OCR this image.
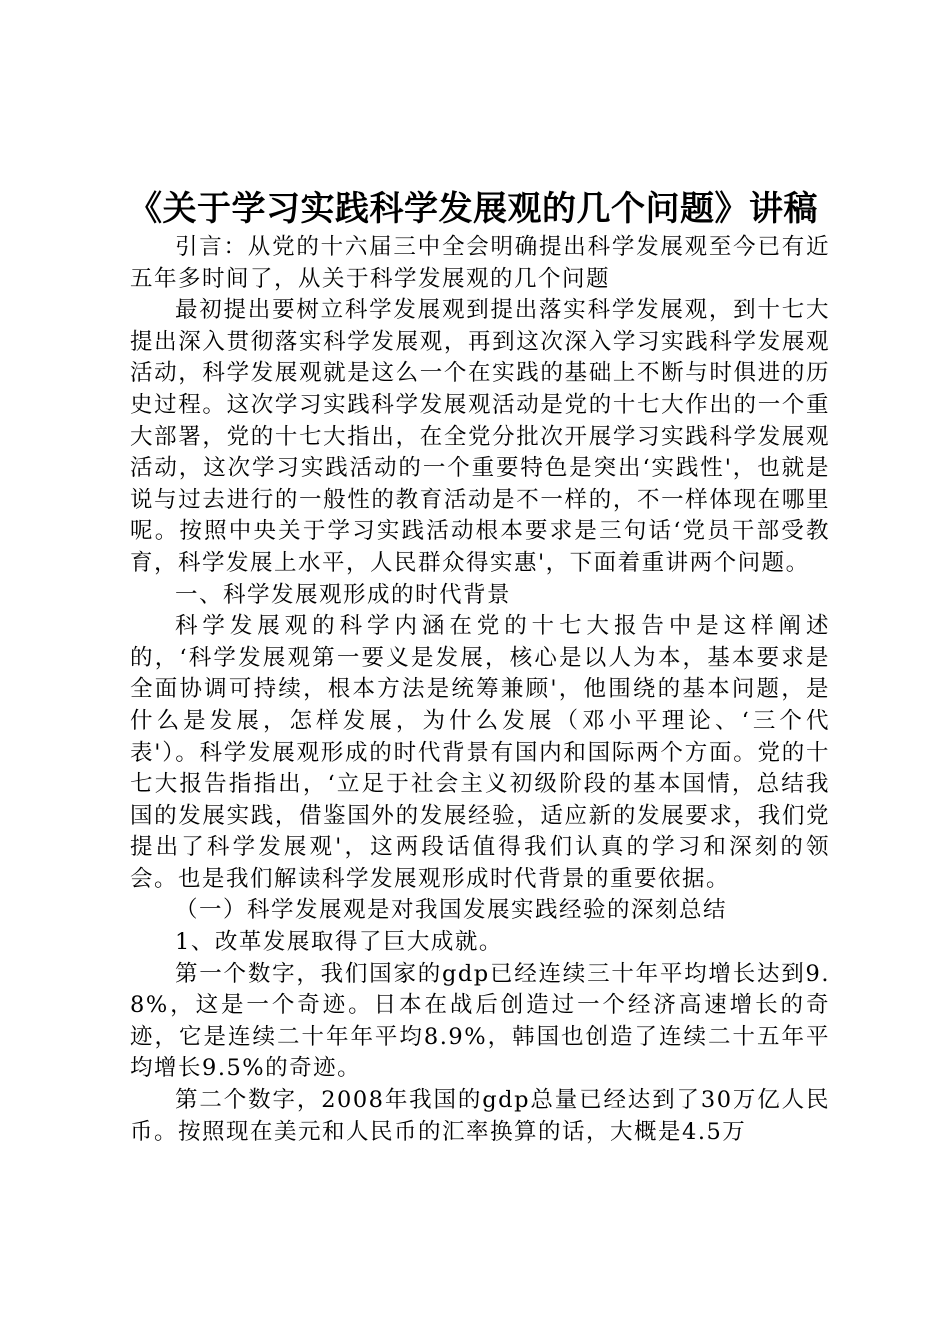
《关于学习实践科学发展观的几个问题》讲稿

引言：从党的十六届三中全会明确提出科学发展观至今已有近五年多时间了，从关于科学发展观的几个问题

最初提出要树立科学发展观到提出落实科学发展观，到十七大提出深入贯彻落实科学发展观，再到这次深入学习实践科学发展观活动，科学发展观就是这么一个在实践的基础上不断与时俱进的历史过程。这次学习实践科学发展观活动是党的十七大作出的一个重大部署，党的十七大指出，在全党分批次开展学习实践科学发展观活动，这次学习实践活动的一个重要特色是突出‘实践性'，也就是说与过去进行的一般性的教育活动是不一样的，不一样体现在哪里呢。按照中央关于学习实践活动根本要求是三句话‘党员干部受教育，科学发展上水平，人民群众得实惠'，下面着重讲两个问题。

一、科学发展观形成的时代背景

科学发展观的科学内涵在党的十七大报告中是这样阐述的，‘科学发展观第一要义是发展，核心是以人为本，基本要求是全面协调可持续，根本方法是统筹兼顾'，他围绕的基本问题，是什么是发展，怎样发展，为什么发展（邓小平理论、‘三个代表'）。科学发展观形成的时代背景有国内和国际两个方面。党的十七大报告指指出，‘立足于社会主义初级阶段的基本国情，总结我国的发展实践，借鉴国外的发展经验，适应新的发展要求，我们党提出了科学发展观'，这两段话值得我们认真的学习和深刻的领会。也是我们解读科学发展观形成时代背景的重要依据。

（一）科学发展观是对我国发展实践经验的深刻总结

1、改革发展取得了巨大成就。

第一个数字，我们国家的gdp已经连续三十年平均增长达到9.8%，这是一个奇迹。日本在战后创造过一个经济高速增长的奇迹，它是连续二十年年平均8.9%，韩国也创造了连续二十五年平均增长9.5%的奇迹。

第二个数字，2008年我国的gdp总量已经达到了30万亿人民币。按照现在美元和人民币的汇率换算的话，大概是4.5万
